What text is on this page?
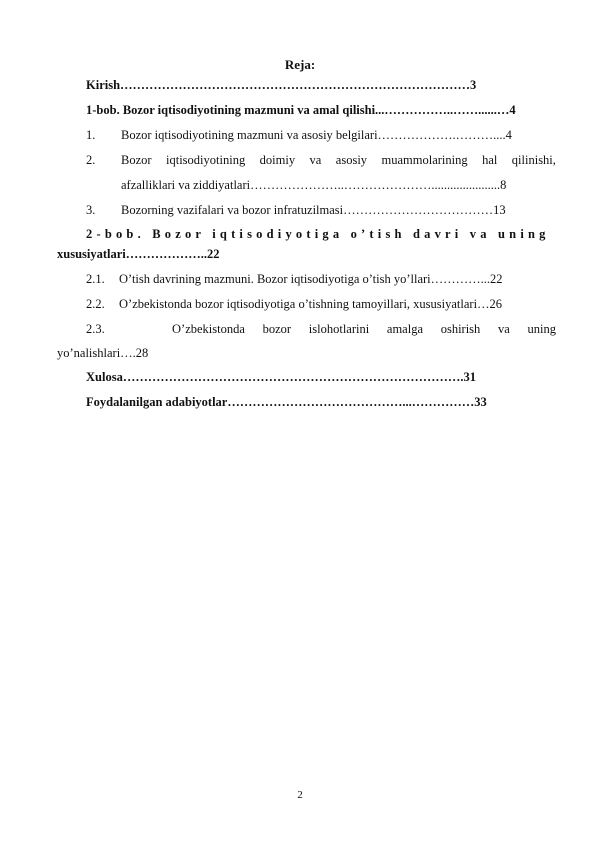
Reja:
Kirish…………………………………………………………………………3
1-bob. Bozor iqtisodiyotining mazmuni va amal qilishi...……………..……......…4
1. Bozor iqtisodiyotining mazmuni va asosiy belgilari……………….………....4
2. Bozor iqtisodiyotining doimiy va asosiy muammolarining hal qilinishi,
afzalliklari va ziddiyatlari…………………..…………………......................8
3. Bozorning vazifalari va bozor infratuzilmasi………………………………13
2-bob. Bozor iqtisodiyotiga o’tish davri va uning
xususiyatlari………………..22
2.1. O’tish davrining mazmuni. Bozor iqtisodiyotiga o’tish yo’llari…………...22
2.2. O’zbekistonda bozor iqtisodiyotiga o’tishning tamoyillari, xususiyatlari…26
2.3.	O’zbekistonda bozor islohotlarini amalga oshirish va uning
yo’nalishlari….28
Xulosa……………………………………………………………………….31
Foydalanilgan adabiyotlar……………………………………...……………33
2
